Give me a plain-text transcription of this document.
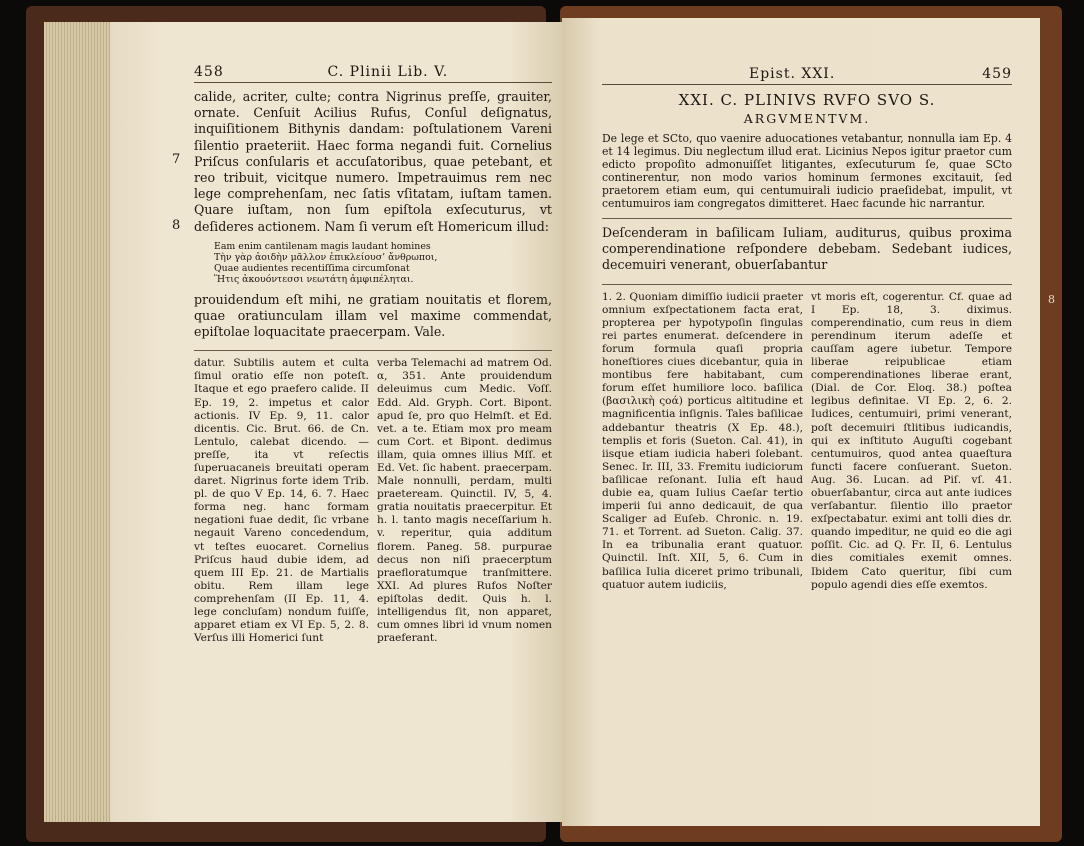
458	C. Plinii Lib. V.

calide, acriter, culte; contra Nigrinus preſſe, grauiter, ornate. Cenſuit Acilius Rufus, Conſul deſignatus, inquiſitionem Bithynis dandam: poſtulationem Vareni ſilentio praeteriit. Haec forma negandi fuit. Cornelius Priſcus conſularis et accuſatoribus, quae petebant, et reo tribuit, vicitque numero. Impetrauimus rem nec lege comprehenſam, nec ſatis vſitatam, iuſtam tamen. Quare iuſtam, non ſum epiſtola exſecuturus, vt deſideres actionem. Nam ſi verum eſt Homericum illud:

Eam enim cantilenam magis laudant homines
Τὴν γὰρ ἀοιδὴν μᾶλλον ἐπικλείουσ’ ἄνθρωποι,
Quae audientes recentiſſima circumſonat
Ἥτις ἀκουόντεσσι νεωτάτη ἀμφιπέληται.

prouidendum eſt mihi, ne gratiam nouitatis et florem, quae oratiunculam illam vel maxime commendat, epiſtolae loquacitate praecerpam. Vale.

datur. Subtilis autem et culta ſimul oratio eſſe non poteſt. Itaque et ego praefero calide. II Ep. 19, 2. impetus et calor actionis. IV Ep. 9, 11. calor dicentis. Cic. Brut. 66. de Cn. Lentulo, calebat dicendo. — preſſe, ita vt reſectis ſuperuacaneis breuitati operam daret. Nigrinus forte idem Trib. pl. de quo V Ep. 14, 6. 7. Haec forma neg. hanc formam negationi fuae dedit, ſic vrbane negauit Vareno concedendum, vt teſtes euocaret. Cornelius Priſcus haud dubie idem, ad quem III Ep. 21. de Martialis obitu. Rem illam lege comprehenſam (II Ep. 11, 4. lege concluſam) nondum fuiſſe, apparet etiam ex VI Ep. 5, 2. 8. Verſus illi Homerici ſunt

verba Telemachi ad matrem Od. α, 351. Ante prouidendum deleuimus cum Medic. Voſſ. Edd. Ald. Gryph. Cort. Bipont. apud ſe, pro quo Helmſt. et Ed. vet. a te. Etiam mox pro meam cum Cort. et Bipont. dedimus illam, quia omnes illius Mſſ. et Ed. Vet. ſic habent. praecerpam. Male nonnulli, perdam, multi praeteream. Quinctil. IV, 5, 4. gratia nouitatis praecerpitur. Et h. l. tanto magis neceſſarium h. v. reperitur, quia additum florem. Paneg. 58. purpurae decus non niſi praecerptum praefloratumque tranſmittere. XXI. Ad plures Rufos Noſter epiſtolas dedit. Quis h. l. intelligendus ſit, non apparet, cum omnes libri id vnum nomen praeferant.

7
8
Epist. XXI.	459
XXI. C. PLINIVS RVFO SVO S.
ARGVMENTVM.

De lege et SCto, quo vaenire aduocationes vetabantur, nonnulla iam Ep. 4 et 14 legimus. Diu neglectum illud erat. Licinius Nepos igitur praetor cum edicto propoſito admonuiſſet litigantes, exſecuturum ſe, quae SCto continerentur, non modo varios hominum ſermones excitauit, ſed praetorem etiam eum, qui centumuirali iudicio praeſidebat, impulit, vt centumuiros iam congregatos dimitteret. Haec facunde hic narrantur.

Deſcenderam in baſilicam Iuliam, auditurus, quibus proxima comperendinatione reſponderе debebam. Sedebant iudices, decemuiri venerant, obuerſabantur

1. 2. Quoniam dimiſſio iudicii praeter omnium exſpectationem facta erat, propterea per hypotypoſin ſingulas rei partes enumerat. deſcendere in forum formula quaſi propria honeſtiores ciues dicebantur, quia in montibus fere habitabant, cum forum eſſet humiliore loco. baſilica (βασιλικὴ ςοά) porticus altitudine et magnificentia inſignis. Tales baſilicae addebantur theatris (X Ep. 48.), templis et foris (Sueton. Cal. 41), in iisque etiam iudicia haberi ſolebant. Senec. Ir. III, 33. Fremitu iudiciorum baſilicae reſonant. Iulia eſt haud dubie ea, quam Iulius Caeſar tertio imperii ſui anno dedicauit, de qua Scaliger ad Euſeb. Chronic. n. 19. 71. et Torrent. ad Sueton. Calig. 37. In ea tribunalia erant quatuor. Quinctil. Inſt. XII, 5, 6. Cum in baſilica Iulia diceret primo tribunali, quatuor autem iudiciis,

vt moris eſt, cogerentur. Cf. quae ad I Ep. 18, 3. diximus. comperendinatio, cum reus in diem perendinum iterum adeſſe et cauſſam agere iubetur. Tempore liberae reipublicae etiam comperendinationes liberae erant, (Dial. de Cor. Eloq. 38.) poſtea legibus definitae. VI Ep. 2, 6. 2. Iudices, centumuiri, primi venerant, poſt decemuiri ſtlitibus iudicandis, qui ex inſtituto Auguſti cogebant centumuiros, quod antea quaeſtura functi facere conſuerant. Sueton. Aug. 36. Lucan. ad Piſ. vſ. 41. obuerſabantur, circa aut ante iudices verſabantur. ſilentio illo praetor exſpectabatur. eximi ant tolli dies dr. quando impeditur, ne quid eo die agi poſſit. Cic. ad Q. Fr. II, 6. Lentulus dies comitiales exemit omnes. Ibidem Cato queritur, ſibi cum populo agendi dies eſſe exemtos.

8
